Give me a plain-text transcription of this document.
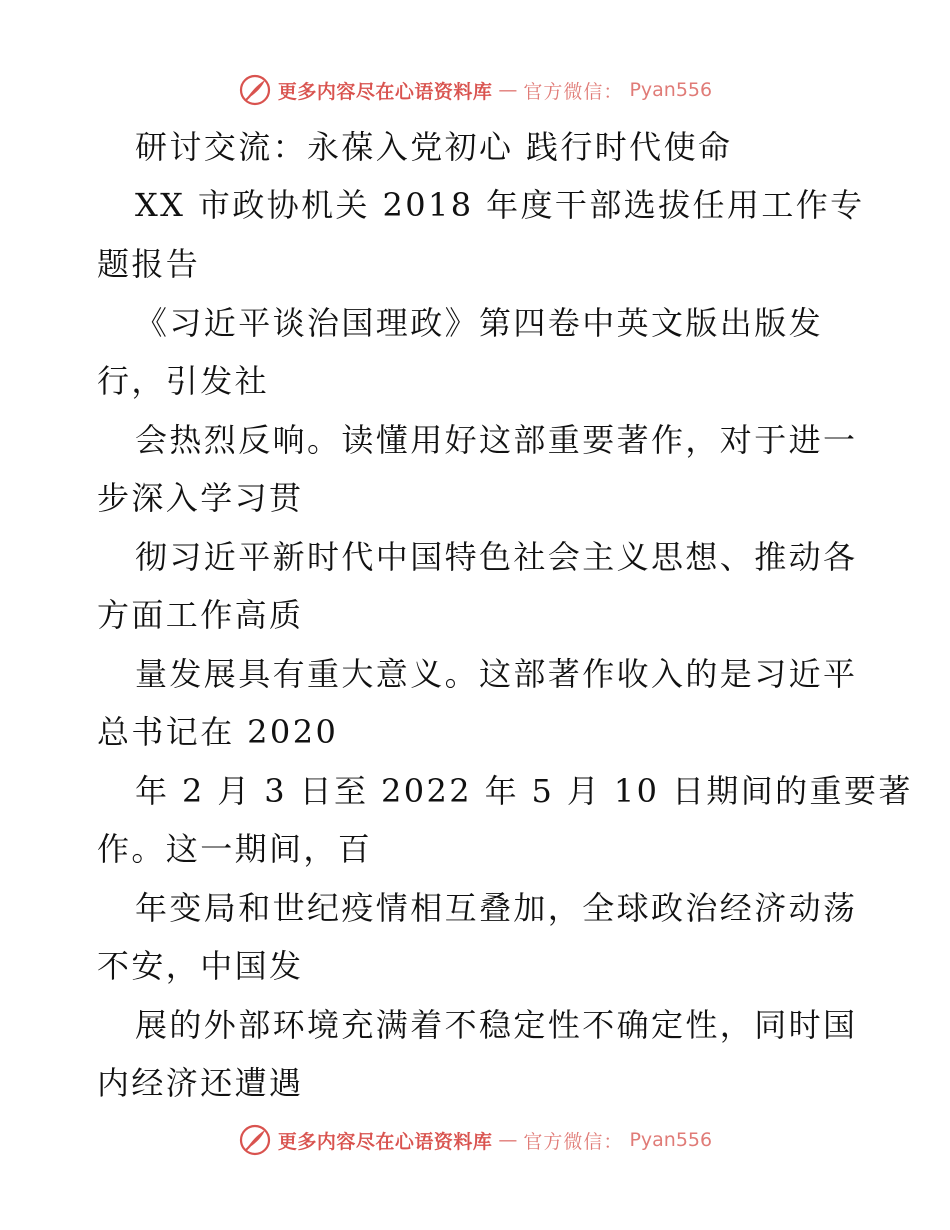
更多内容尽在心语资料库 — 官方微信： Pyan556
研讨交流：永葆入党初心 践行时代使命
XX 市政协机关 2018 年度干部选拔任用工作专
题报告
《习近平谈治国理政》第四卷中英文版出版发
行，引发社
会热烈反响。读懂用好这部重要著作，对于进一
步深入学习贯
彻习近平新时代中国特色社会主义思想、推动各
方面工作高质
量发展具有重大意义。这部著作收入的是习近平
总书记在 2020
年 2 月 3 日至 2022 年 5 月 10 日期间的重要著
作。这一期间，百
年变局和世纪疫情相互叠加，全球政治经济动荡
不安，中国发
展的外部环境充满着不稳定性不确定性，同时国
内经济还遭遇
更多内容尽在心语资料库 — 官方微信： Pyan556
